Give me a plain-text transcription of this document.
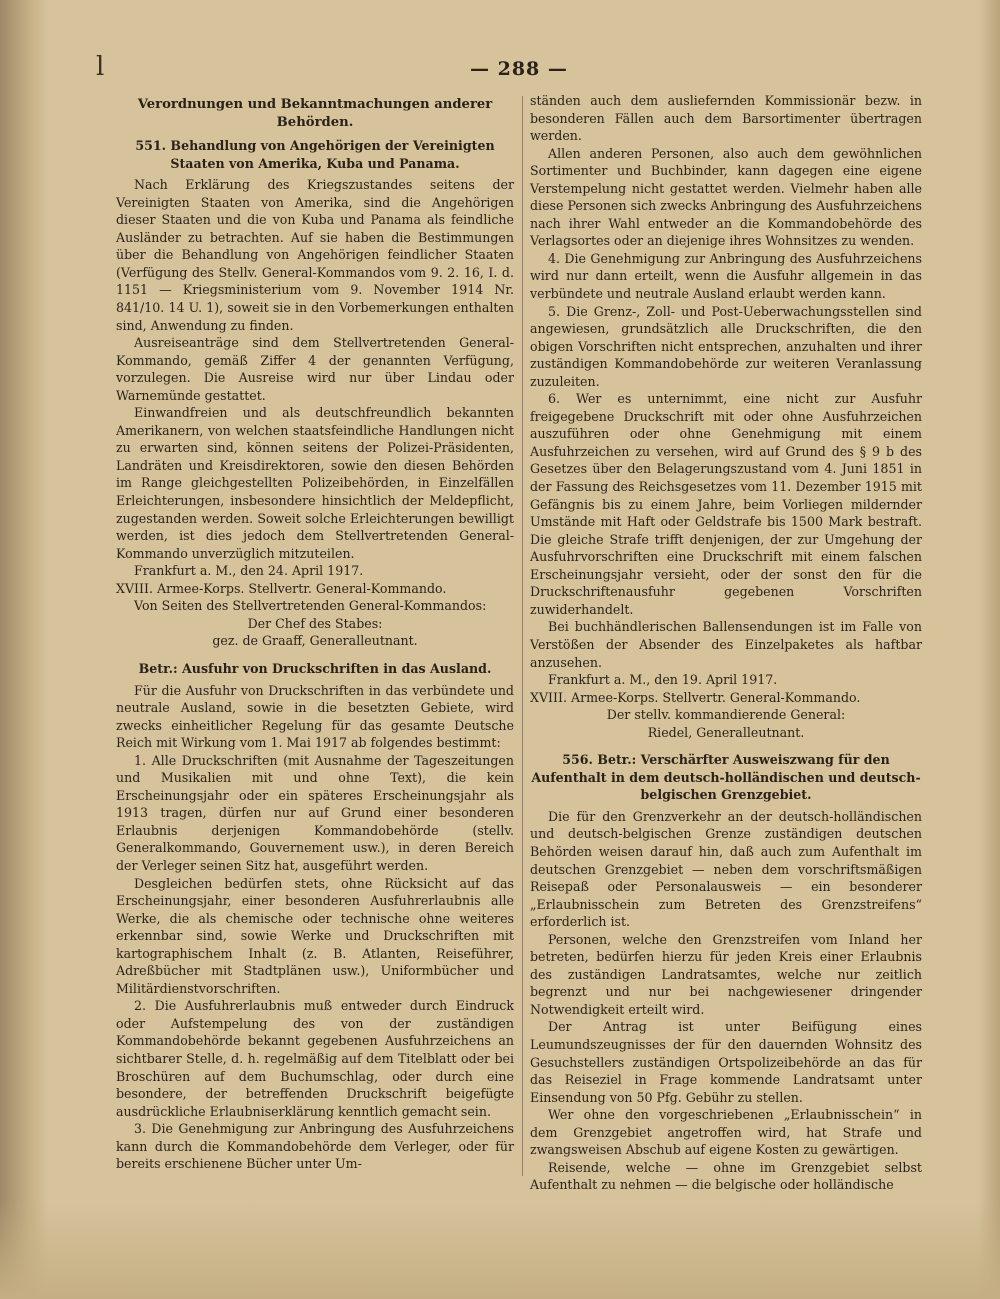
l	— 288 —

Verordnungen und Bekanntmachungen anderer Behörden.

551. Behandlung von Angehörigen der Vereinigten Staaten von Amerika, Kuba und Panama.

Nach Erklärung des Kriegszustandes seitens der Vereinigten Staaten von Amerika, sind die Angehörigen dieser Staaten und die von Kuba und Panama als feindliche Ausländer zu betrachten. Auf sie haben die Bestimmungen über die Behandlung von Angehörigen feindlicher Staaten (Verfügung des Stellv. General-Kommandos vom 9. 2. 16, I. d. 1151 — Kriegsministerium vom 9. November 1914 Nr. 841/10. 14 U. 1), soweit sie in den Vorbemerkungen enthalten sind, Anwendung zu finden.

Ausreiseanträge sind dem Stellvertretenden General-Kommando, gemäß Ziffer 4 der genannten Verfügung, vorzulegen. Die Ausreise wird nur über Lindau oder Warnemünde gestattet.

Einwandfreien und als deutschfreundlich bekannten Amerikanern, von welchen staatsfeindliche Handlungen nicht zu erwarten sind, können seitens der Polizei-Präsidenten, Landräten und Kreisdirektoren, sowie den diesen Behörden im Range gleichgestellten Polizeibehörden, in Einzelfällen Erleichterungen, insbesondere hinsichtlich der Meldepflicht, zugestanden werden. Soweit solche Erleichterungen bewilligt werden, ist dies jedoch dem Stellvertretenden General-Kommando unverzüglich mitzuteilen.

Frankfurt a. M., den 24. April 1917.

XVIII. Armee-Korps. Stellvertr. General-Kommando.

Von Seiten des Stellvertretenden General-Kommandos:

Der Chef des Stabes:

gez. de Graaff, Generalleutnant.

Betr.: Ausfuhr von Druckschriften in das Ausland.

Für die Ausfuhr von Druckschriften in das verbündete und neutrale Ausland, sowie in die besetzten Gebiete, wird zwecks einheitlicher Regelung für das gesamte Deutsche Reich mit Wirkung vom 1. Mai 1917 ab folgendes bestimmt:

1. Alle Druckschriften (mit Ausnahme der Tageszeitungen und Musikalien mit und ohne Text), die kein Erscheinungsjahr oder ein späteres Erscheinungsjahr als 1913 tragen, dürfen nur auf Grund einer besonderen Erlaubnis derjenigen Kommandobehörde (stellv. Generalkommando, Gouvernement usw.), in deren Bereich der Verleger seinen Sitz hat, ausgeführt werden.

Desgleichen bedürfen stets, ohne Rücksicht auf das Erscheinungsjahr, einer besonderen Ausfuhrerlaubnis alle Werke, die als chemische oder technische ohne weiteres erkennbar sind, sowie Werke und Druckschriften mit kartographischem Inhalt (z. B. Atlanten, Reiseführer, Adreßbücher mit Stadtplänen usw.), Uniformbücher und Militärdienstvorschriften.

2. Die Ausfuhrerlaubnis muß entweder durch Eindruck oder Aufstempelung des von der zuständigen Kommandobehörde bekannt gegebenen Ausfuhrzeichens an sichtbarer Stelle, d. h. regelmäßig auf dem Titelblatt oder bei Broschüren auf dem Buchumschlag, oder durch eine besondere, der betreffenden Druckschrift beigefügte ausdrückliche Erlaubniserklärung kenntlich gemacht sein.

3. Die Genehmigung zur Anbringung des Ausfuhrzeichens kann durch die Kommandobehörde dem Verleger, oder für bereits erschienene Bücher unter Um-

ständen auch dem ausliefernden Kommissionär bezw. in besonderen Fällen auch dem Barsortimenter übertragen werden.

Allen anderen Personen, also auch dem gewöhnlichen Sortimenter und Buchbinder, kann dagegen eine eigene Verstempelung nicht gestattet werden. Vielmehr haben alle diese Personen sich zwecks Anbringung des Ausfuhrzeichens nach ihrer Wahl entweder an die Kommandobehörde des Verlagsortes oder an diejenige ihres Wohnsitzes zu wenden.

4. Die Genehmigung zur Anbringung des Ausfuhrzeichens wird nur dann erteilt, wenn die Ausfuhr allgemein in das verbündete und neutrale Ausland erlaubt werden kann.

5. Die Grenz-, Zoll- und Post-Ueberwachungsstellen sind angewiesen, grundsätzlich alle Druckschriften, die den obigen Vorschriften nicht entsprechen, anzuhalten und ihrer zuständigen Kommandobehörde zur weiteren Veranlassung zuzuleiten.

6. Wer es unternimmt, eine nicht zur Ausfuhr freigegebene Druckschrift mit oder ohne Ausfuhrzeichen auszuführen oder ohne Genehmigung mit einem Ausfuhrzeichen zu versehen, wird auf Grund des § 9 b des Gesetzes über den Belagerungszustand vom 4. Juni 1851 in der Fassung des Reichsgesetzes vom 11. Dezember 1915 mit Gefängnis bis zu einem Jahre, beim Vorliegen mildernder Umstände mit Haft oder Geldstrafe bis 1500 Mark bestraft. Die gleiche Strafe trifft denjenigen, der zur Umgehung der Ausfuhrvorschriften eine Druckschrift mit einem falschen Erscheinungsjahr versieht, oder der sonst den für die Druckschriftenausfuhr gegebenen Vorschriften zuwiderhandelt.

Bei buchhändlerischen Ballensendungen ist im Falle von Verstößen der Absender des Einzelpaketes als haftbar anzusehen.

Frankfurt a. M., den 19. April 1917.

XVIII. Armee-Korps. Stellvertr. General-Kommando.

Der stellv. kommandierende General:

Riedel, Generalleutnant.

556. Betr.: Verschärfter Ausweiszwang für den Aufenthalt in dem deutsch-holländischen und deutsch-belgischen Grenzgebiet.

Die für den Grenzverkehr an der deutsch-holländischen und deutsch-belgischen Grenze zuständigen deutschen Behörden weisen darauf hin, daß auch zum Aufenthalt im deutschen Grenzgebiet — neben dem vorschriftsmäßigen Reisepaß oder Personalausweis — ein besonderer „Erlaubnisschein zum Betreten des Grenzstreifens“ erforderlich ist.

Personen, welche den Grenzstreifen vom Inland her betreten, bedürfen hierzu für jeden Kreis einer Erlaubnis des zuständigen Landratsamtes, welche nur zeitlich begrenzt und nur bei nachgewiesener dringender Notwendigkeit erteilt wird.

Der Antrag ist unter Beifügung eines Leumundszeugnisses der für den dauernden Wohnsitz des Gesuchstellers zuständigen Ortspolizeibehörde an das für das Reiseziel in Frage kommende Landratsamt unter Einsendung von 50 Pfg. Gebühr zu stellen.

Wer ohne den vorgeschriebenen „Erlaubnisschein“ in dem Grenzgebiet angetroffen wird, hat Strafe und zwangsweisen Abschub auf eigene Kosten zu gewärtigen.

Reisende, welche — ohne im Grenzgebiet selbst Aufenthalt zu nehmen — die belgische oder holländische
